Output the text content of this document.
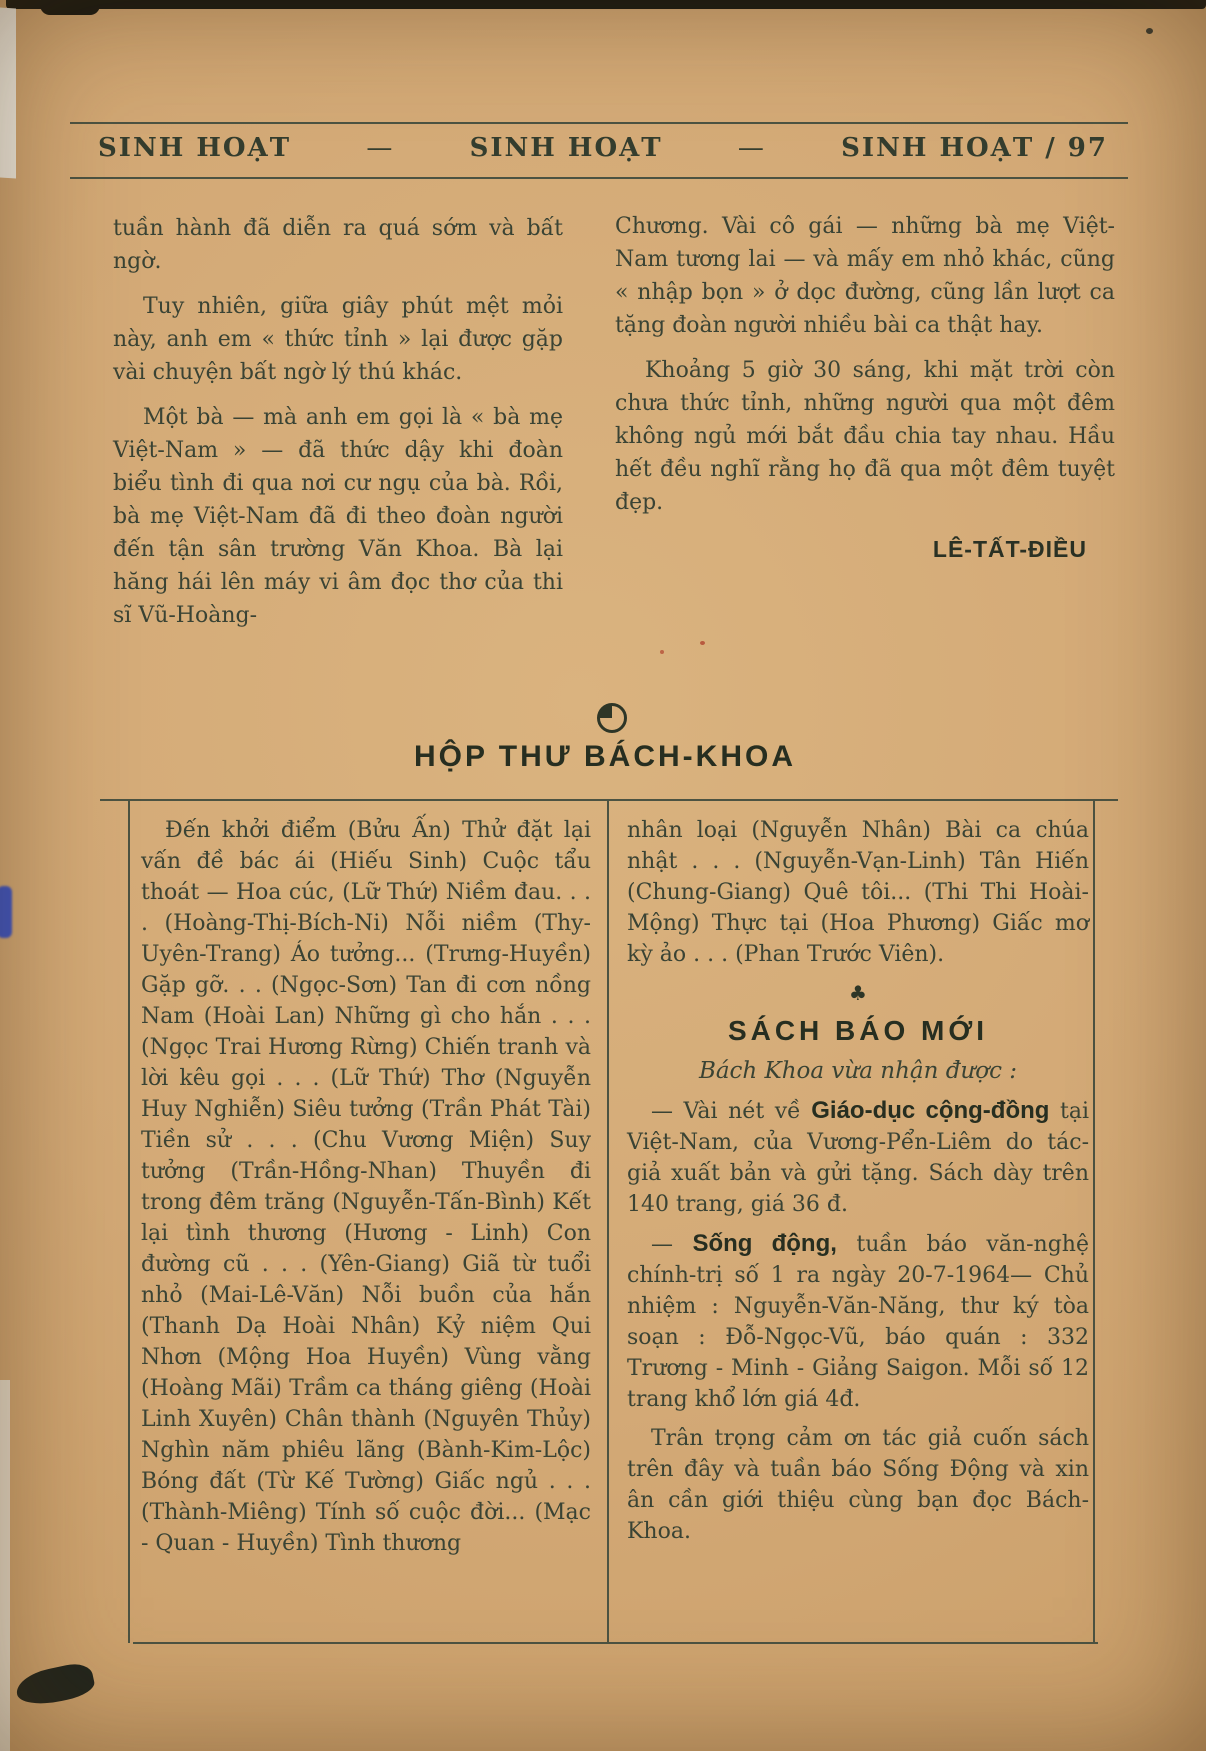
SINH HOẠT	—	SINH HOẠT	—	SINH HOẠT / 97

tuần hành đã diễn ra quá sớm và bất ngờ.

Tuy nhiên, giữa giây phút mệt mỏi này, anh em « thức tỉnh » lại được gặp vài chuyện bất ngờ lý thú khác.

Một bà — mà anh em gọi là « bà mẹ Việt-Nam » — đã thức dậy khi đoàn biểu tình đi qua nơi cư ngụ của bà. Rồi, bà mẹ Việt-Nam đã đi theo đoàn người đến tận sân trường Văn Khoa. Bà lại hăng hái lên máy vi âm đọc thơ của thi sĩ Vũ-Hoàng-

Chương. Vài cô gái — những bà mẹ Việt-Nam tương lai — và mấy em nhỏ khác, cũng « nhập bọn » ở dọc đường, cũng lần lượt ca tặng đoàn người nhiều bài ca thật hay.

Khoảng 5 giờ 30 sáng, khi mặt trời còn chưa thức tỉnh, những người qua một đêm không ngủ mới bắt đầu chia tay nhau. Hầu hết đều nghĩ rằng họ đã qua một đêm tuyệt đẹp.

LÊ-TẤT-ĐIỀU
HỘP THƯ BÁCH-KHOA

Đến khởi điểm (Bửu Ấn) Thử đặt lại vấn đề bác ái (Hiếu Sinh) Cuộc tẩu thoát — Hoa cúc, (Lữ Thứ) Niềm đau. . . . (Hoàng-Thị-Bích-Ni) Nỗi niềm (Thy-Uyên-Trang) Áo tưởng... (Trưng-Huyền) Gặp gỡ. . . (Ngọc-Sơn) Tan đi cơn nồng Nam (Hoài Lan) Những gì cho hắn . . . (Ngọc Trai Hương Rừng) Chiến tranh và lời kêu gọi . . . (Lữ Thứ) Thơ (Nguyễn Huy Nghiễn) Siêu tưởng (Trần Phát Tài) Tiền sử . . . (Chu Vương Miện) Suy tưởng (Trần-Hồng-Nhan) Thuyền đi trong đêm trăng (Nguyễn-Tấn-Bình) Kết lại tình thương (Hương - Linh) Con đường cũ . . . (Yên-Giang) Giã từ tuổi nhỏ (Mai-Lê-Văn) Nỗi buồn của hắn (Thanh Dạ Hoài Nhân) Kỷ niệm Qui Nhơn (Mộng Hoa Huyền) Vùng vằng (Hoàng Mãi) Trầm ca tháng giêng (Hoài Linh Xuyên) Chân thành (Nguyên Thủy) Nghìn năm phiêu lãng (Bành-Kim-Lộc) Bóng đất (Từ Kế Tường) Giấc ngủ . . . (Thành-Miêng) Tính số cuộc đời... (Mạc - Quan - Huyền) Tình thương

nhân loại (Nguyễn Nhân) Bài ca chúa nhật . . . (Nguyễn-Vạn-Linh) Tân Hiến (Chung-Giang) Quê tôi... (Thi Thi Hoài-Mộng) Thực tại (Hoa Phương) Giấc mơ kỳ ảo . . . (Phan Trước Viên).

♣
SÁCH BÁO MỚI

Bách Khoa vừa nhận được :

— Vài nét về Giáo-dục cộng-đồng tại Việt-Nam, của Vương-Pển-Liêm do tác-giả xuất bản và gửi tặng. Sách dày trên 140 trang, giá 36 đ.

— Sống động, tuần báo văn-nghệ chính-trị số 1 ra ngày 20-7-1964— Chủ nhiệm : Nguyễn-Văn-Năng, thư ký tòa soạn : Đỗ-Ngọc-Vũ, báo quán : 332 Trương - Minh - Giảng Saigon. Mỗi số 12 trang khổ lớn giá 4đ.

Trân trọng cảm ơn tác giả cuốn sách trên đây và tuần báo Sống Động và xin ân cần giới thiệu cùng bạn đọc Bách-Khoa.
